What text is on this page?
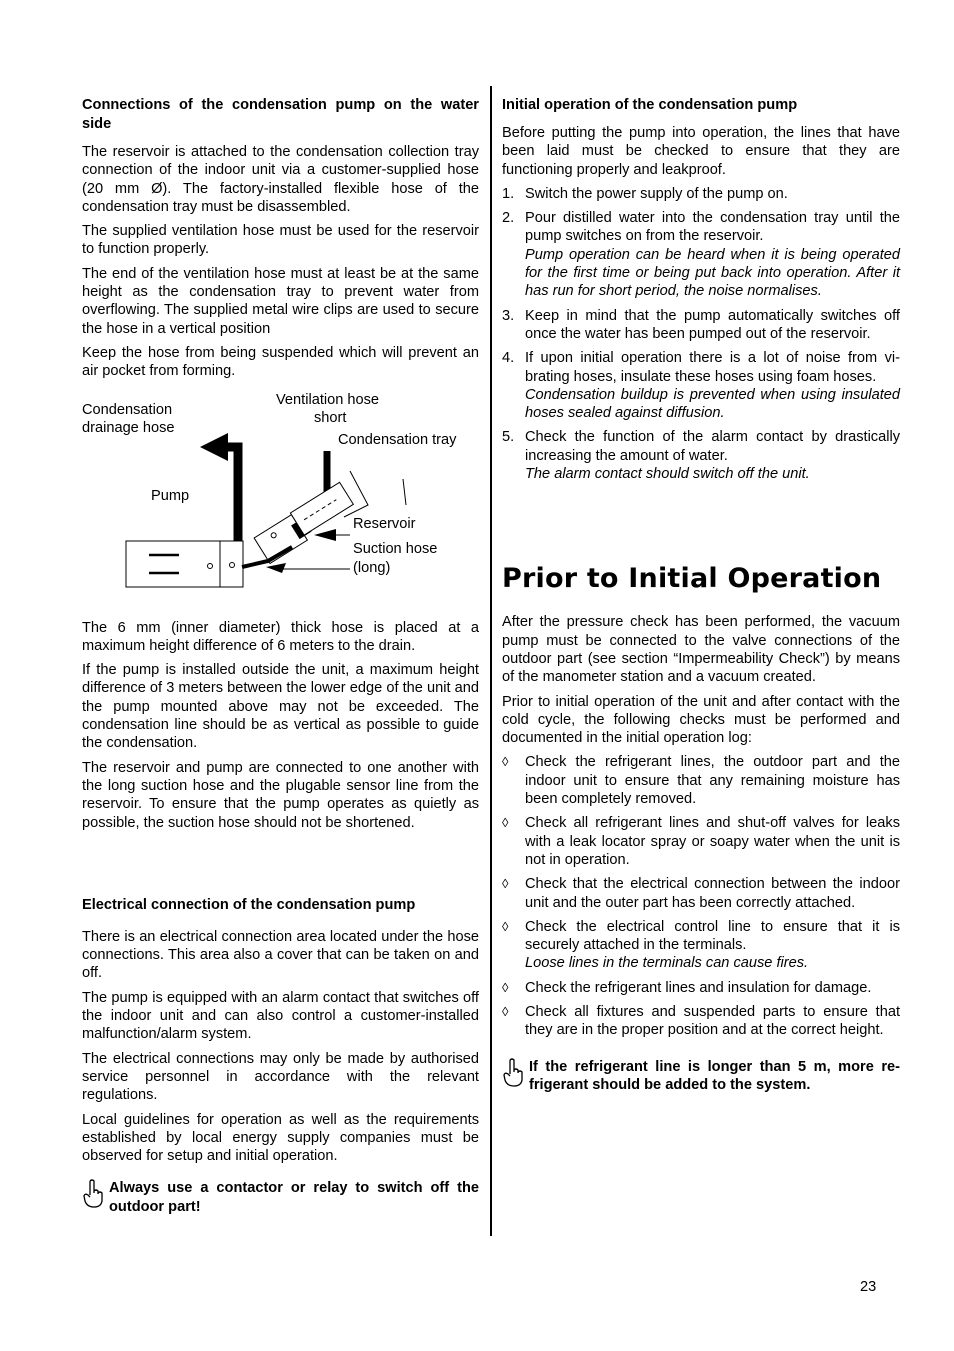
Connections of the condensation pump on the water side

The reservoir is attached to the condensation collection tray connection of the indoor unit via a customer-supplied hose (20 mm Ø). The factory-installed flexible hose of the condensation tray must be disassembled.

The supplied ventilation hose must be used for the reservoir to function properly.

The end of the ventilation hose must at least be at the same height as the condensation tray to prevent water from overflowing. The supplied metal wire clips are used to secure the hose in a vertical position

Keep the hose from being suspended which will prevent an air pocket from forming.

Condensation
drainage hose
Ventilation hose
short
Condensation tray
Pump
Reservoir
Suction hose
(long)

The 6 mm (inner diameter) thick hose is placed at a maximum height difference of 6 meters to the drain.

If the pump is installed outside the unit, a maximum height difference of 3 meters between the lower edge of the unit and the pump mounted above may not be exceeded. The condensation line should be as vertical as possible to guide the condensation.

The reservoir and pump are connected to one another with the long suction hose and the plugable sensor line from the reservoir. To ensure that the pump operates as quietly as possible, the suction hose should not be shortened.

Electrical connection of the condensation pump

There is an electrical connection area located under the hose connections. This area also a cover that can be taken on and off.

The pump is equipped with an alarm contact that switches off the indoor unit and can also control a customer-installed malfunction/alarm system.

The electrical connections may only be made by authorised service personnel in accordance with the relevant regulations.

Local guidelines for operation as well as the requirements established by local energy supply companies must be observed for setup and initial operation.

Always use a contactor or relay to switch off the outdoor part!
Initial operation of the condensation pump

Before putting the pump into operation, the lines that have been laid must be checked to ensure that they are functioning properly and leakproof.

1. Switch the power supply of the pump on.
2. Pour distilled water into the condensation tray until the pump switches on from the reservoir.
Pump operation can be heard when it is being operated for the first time or being put back into operation. After it has run for short period, the noise normalises.
3. Keep in mind that the pump automatically switches off once the water has been pumped out of the reservoir.
4. If upon initial operation there is a lot of noise from vibrating hoses, insulate these hoses using foam hoses.
Condensation buildup is prevented when using insulated hoses sealed against diffusion.
5. Check the function of the alarm contact by drastically increasing the amount of water.
The alarm contact should switch off the unit.
Prior to Initial Operation

After the pressure check has been performed, the vacuum pump must be connected to the valve connections of the outdoor part (see section “Impermeability Check”) by means of the manometer station and a vacuum created.

Prior to initial operation of the unit and after contact with the cold cycle, the following checks must be performed and documented in the initial operation log:

◊ Check the refrigerant lines, the outdoor part and the indoor unit to ensure that any remaining moisture has been completely removed.
◊ Check all refrigerant lines and shut-off valves for leaks with a leak locator spray or soapy water when the unit is not in operation.
◊ Check that the electrical connection between the indoor unit and the outer part has been correctly attached.
◊ Check the electrical control line to ensure that it is securely attached in the terminals.
Loose lines in the terminals can cause fires.
◊ Check the refrigerant lines and insulation for damage.
◊ Check all fixtures and suspended parts to ensure that they are in the proper position and at the correct height.
If the refrigerant line is longer than 5 m, more refrigerant should be added to the system.
23
